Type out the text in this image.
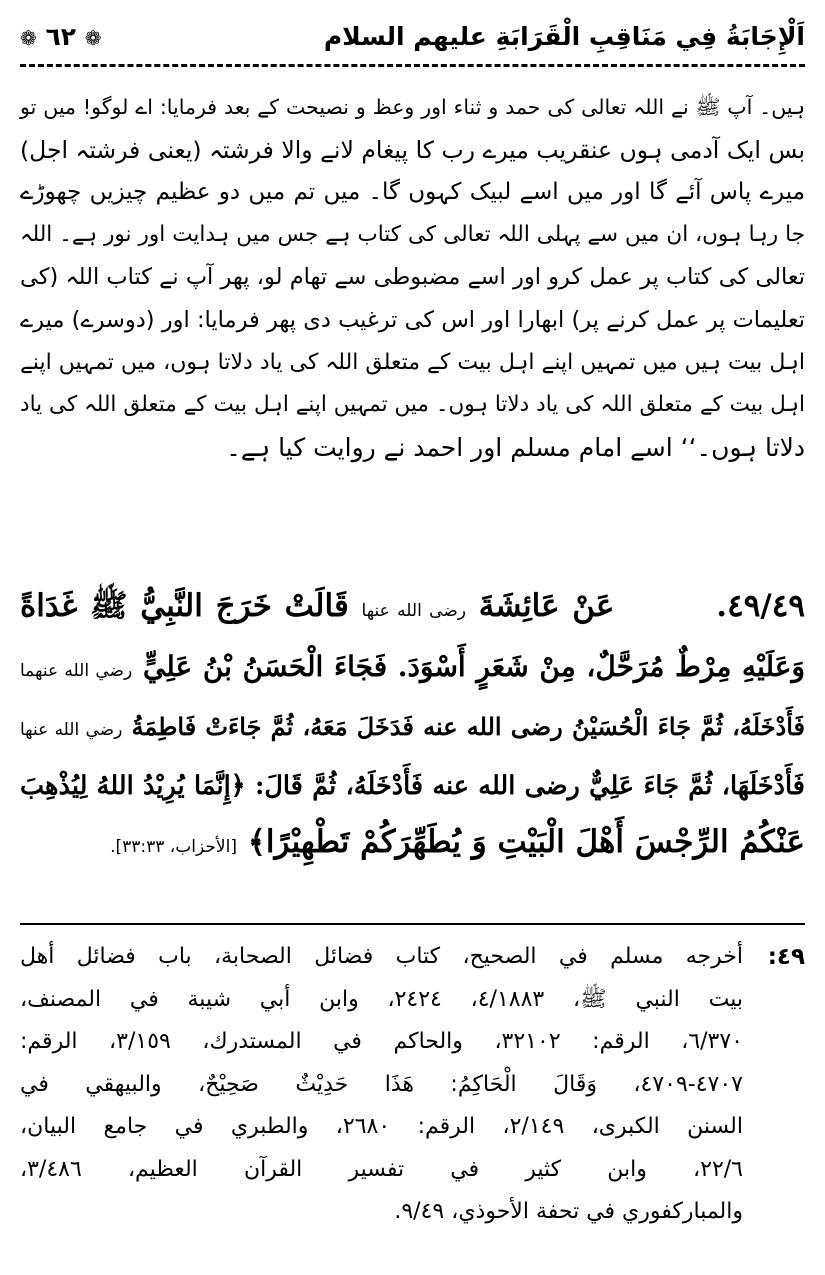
اَلْإِجَابَةُ فِي مَنَاقِبِ الْقَرَابَةِ علیهم السلام
❁ ٦٢ ❁
ہیں۔ آپ ﷺ نے اللہ تعالی کی حمد و ثناء اور وعظ و نصیحت کے بعد فرمایا: اے لوگو! میں تو
بس ایک آدمی ہوں عنقریب میرے رب کا پیغام لانے والا فرشتہ (یعنی فرشتہ اجل)
میرے پاس آئے گا اور میں اسے لبیک کہوں گا۔ میں تم میں دو عظیم چیزیں چھوڑے
جا رہا ہوں، ان میں سے پہلی اللہ تعالی کی کتاب ہے جس میں ہدایت اور نور ہے۔ اللہ
تعالی کی کتاب پر عمل کرو اور اسے مضبوطی سے تھام لو، پھر آپ نے کتاب اللہ (کی
تعلیمات پر عمل کرنے پر) ابھارا اور اس کی ترغیب دی پھر فرمایا: اور (دوسرے) میرے
اہل بیت ہیں میں تمہیں اپنے اہل بیت کے متعلق اللہ کی یاد دلاتا ہوں، میں تمہیں اپنے
اہل بیت کے متعلق اللہ کی یاد دلاتا ہوں۔ میں تمہیں اپنے اہل بیت کے متعلق اللہ کی یاد
دلاتا ہوں۔‘‘ اسے امام مسلم اور احمد نے روایت کیا ہے۔
٤٩/٤٩.        عَنْ عَائِشَةَ رضی الله عنها قَالَتْ خَرَجَ النَّبِيُّ ﷺ غَدَاةً
وَعَلَيْهِ مِرْطٌ مُرَحَّلٌ، مِنْ شَعَرٍ أَسْوَدَ. فَجَاءَ الْحَسَنُ بْنُ عَلِيٍّ رضي الله عنهما
فَأَدْخَلَهُ، ثُمَّ جَاءَ الْحُسَيْنُ رضی الله عنه فَدَخَلَ مَعَهُ، ثُمَّ جَاءَتْ فَاطِمَةُ رضي الله عنها
فَأَدْخَلَهَا، ثُمَّ جَاءَ عَلِيٌّ رضی الله عنه فَأَدْخَلَهُ، ثُمَّ قَالَ: ﴿إِنَّمَا يُرِيْدُ اللهُ لِيُذْهِبَ
عَنْكُمُ الرِّجْسَ أَهْلَ الْبَيْتِ وَ يُطَهِّرَكُمْ تَطْهِيْرًا﴾ [الأحزاب، ٣٣:٣٣].
٤٩:
أخرجه مسلم في الصحيح، كتاب فضائل الصحابة، باب فضائل أهل
بيت النبي ﷺ، ٤/١٨٨٣، ٢٤٢٤، وابن أبي شيبة في المصنف،
٦/٣٧٠، الرقم: ٣٢١٠٢، والحاكم في المستدرك، ٣/١٥٩، الرقم:
٤٧٠٧-٤٧٠٩، وَقَالَ الْحَاكِمُ: هَذَا حَدِيْثٌ صَحِيْحٌ، والبيهقي في
السنن الكبرى، ٢/١٤٩، الرقم: ٢٦٨٠، والطبري في جامع البيان،
٢٢/٦، وابن كثير في تفسير القرآن العظيم، ٣/٤٨٦،
والمباركفوري في تحفة الأحوذي، ٩/٤٩.
